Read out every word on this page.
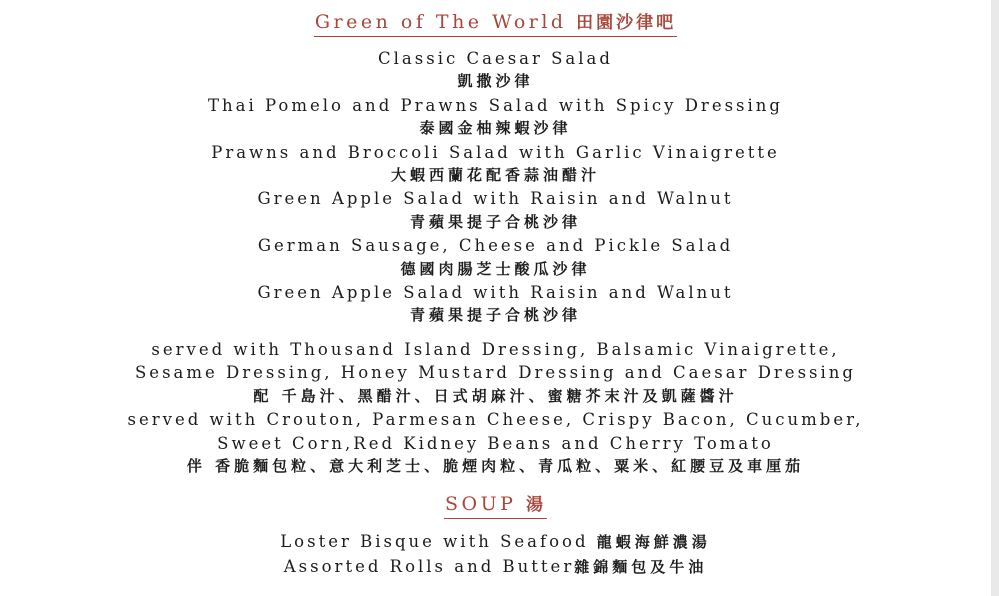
Green of The World 田園沙律吧
Classic Caesar Salad
凱撒沙律
Thai Pomelo and Prawns Salad with Spicy Dressing
泰國金柚辣蝦沙律
Prawns and Broccoli Salad with Garlic Vinaigrette
大蝦西蘭花配香蒜油醋汁
Green Apple Salad with Raisin and Walnut
青蘋果提子合桃沙律
German Sausage, Cheese and Pickle Salad
德國肉腸芝士酸瓜沙律
Green Apple Salad with Raisin and Walnut
青蘋果提子合桃沙律
served with Thousand Island Dressing, Balsamic Vinaigrette,
Sesame Dressing, Honey Mustard Dressing and Caesar Dressing
配 千島汁、黑醋汁、日式胡麻汁、蜜糖芥末汁及凱薩醬汁
served with Crouton, Parmesan Cheese, Crispy Bacon, Cucumber,
Sweet Corn,Red Kidney Beans and Cherry Tomato
伴 香脆麵包粒、意大利芝士、脆煙肉粒、青瓜粒、粟米、紅腰豆及車厘茄
SOUP 湯
Loster Bisque with Seafood 龍蝦海鮮濃湯
Assorted Rolls and Butter雜錦麵包及牛油
